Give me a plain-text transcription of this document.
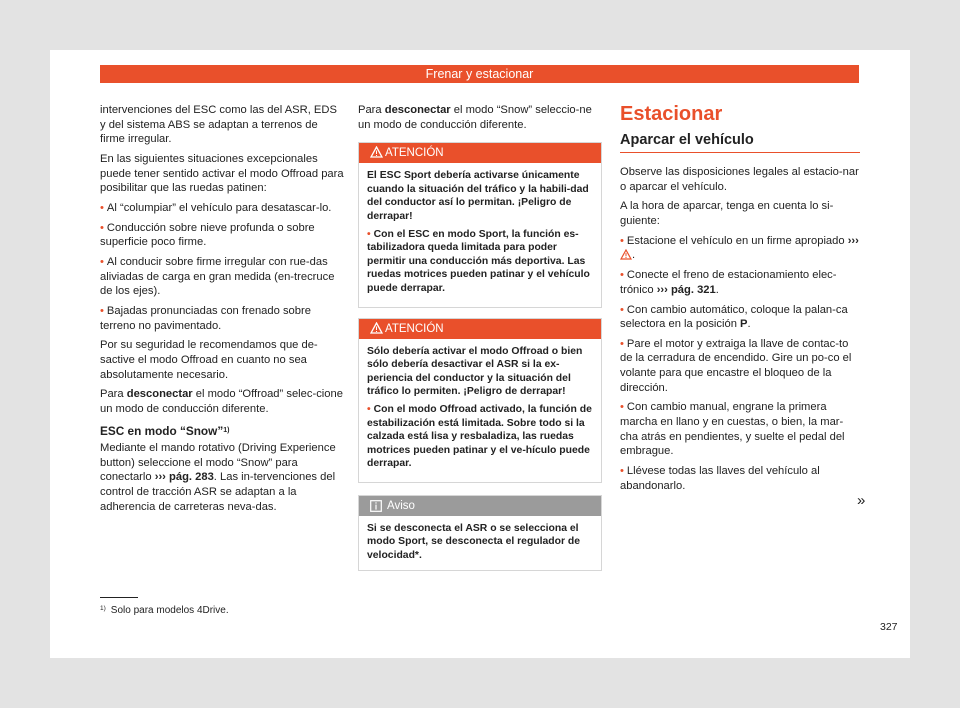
Frenar y estacionar

intervenciones del ESC como las del ASR, EDS y del sistema ABS se adaptan a terrenos de firme irregular.

En las siguientes situaciones excepcionales puede tener sentido activar el modo Offroad para posibilitar que las ruedas patinen:

• Al “columpiar” el vehículo para desatascar-lo.

• Conducción sobre nieve profunda o sobre superficie poco firme.

• Al conducir sobre firme irregular con rue-das aliviadas de carga en gran medida (en-trecruce de los ejes).

• Bajadas pronunciadas con frenado sobre terreno no pavimentado.

Por su seguridad le recomendamos que de-sactive el modo Offroad en cuanto no sea absolutamente necesario.

Para desconectar el modo “Offroad” selec-cione un modo de conducción diferente.

ESC en modo “Snow”$^{1)}$

Mediante el mando rotativo (Driving Experience button) seleccione el modo “Snow” para conectarlo ››› pág. 283. Las in-tervenciones del control de tracción ASR se adaptan a la adherencia de carreteras neva-das.

Para desconectar el modo “Snow” seleccio-ne un modo de conducción diferente.

ATENCIÓN

El ESC Sport debería activarse únicamente cuando la situación del tráfico y la habili-dad del conductor así lo permitan. ¡Peligro de derrapar!

• Con el ESC en modo Sport, la función es-tabilizadora queda limitada para poder permitir una conducción más deportiva. Las ruedas motrices pueden patinar y el vehículo puede derrapar.

ATENCIÓN

Sólo debería activar el modo Offroad o bien sólo debería desactivar el ASR si la ex-periencia del conductor y la situación del tráfico lo permiten. ¡Peligro de derrapar!

• Con el modo Offroad activado, la función de estabilización está limitada. Sobre todo si la calzada está lisa y resbaladiza, las ruedas motrices pueden patinar y el ve-hículo puede derrapar.

Aviso
Si se desconecta el ASR o se selecciona el modo Sport, se desconecta el regulador de velocidad*.
Estacionar
Aparcar el vehículo

Observe las disposiciones legales al estacio-nar o aparcar el vehículo.

A la hora de aparcar, tenga en cuenta lo si-guiente:

• Estacione el vehículo en un firme apropiado ››› .

• Conecte el freno de estacionamiento elec-trónico ››› pág. 321.

• Con cambio automático, coloque la palan-ca selectora en la posición P.

• Pare el motor y extraiga la llave de contac-to de la cerradura de encendido. Gire un po-co el volante para que encastre el bloqueo de la dirección.

• Con cambio manual, engrane la primera marcha en llano y en cuestas, o bien, la mar-cha atrás en pendientes, y suelte el pedal del embrague.

• Llévese todas las llaves del vehículo al abandonarlo.

»
$^{1)}$ Solo para modelos 4Drive.
327
